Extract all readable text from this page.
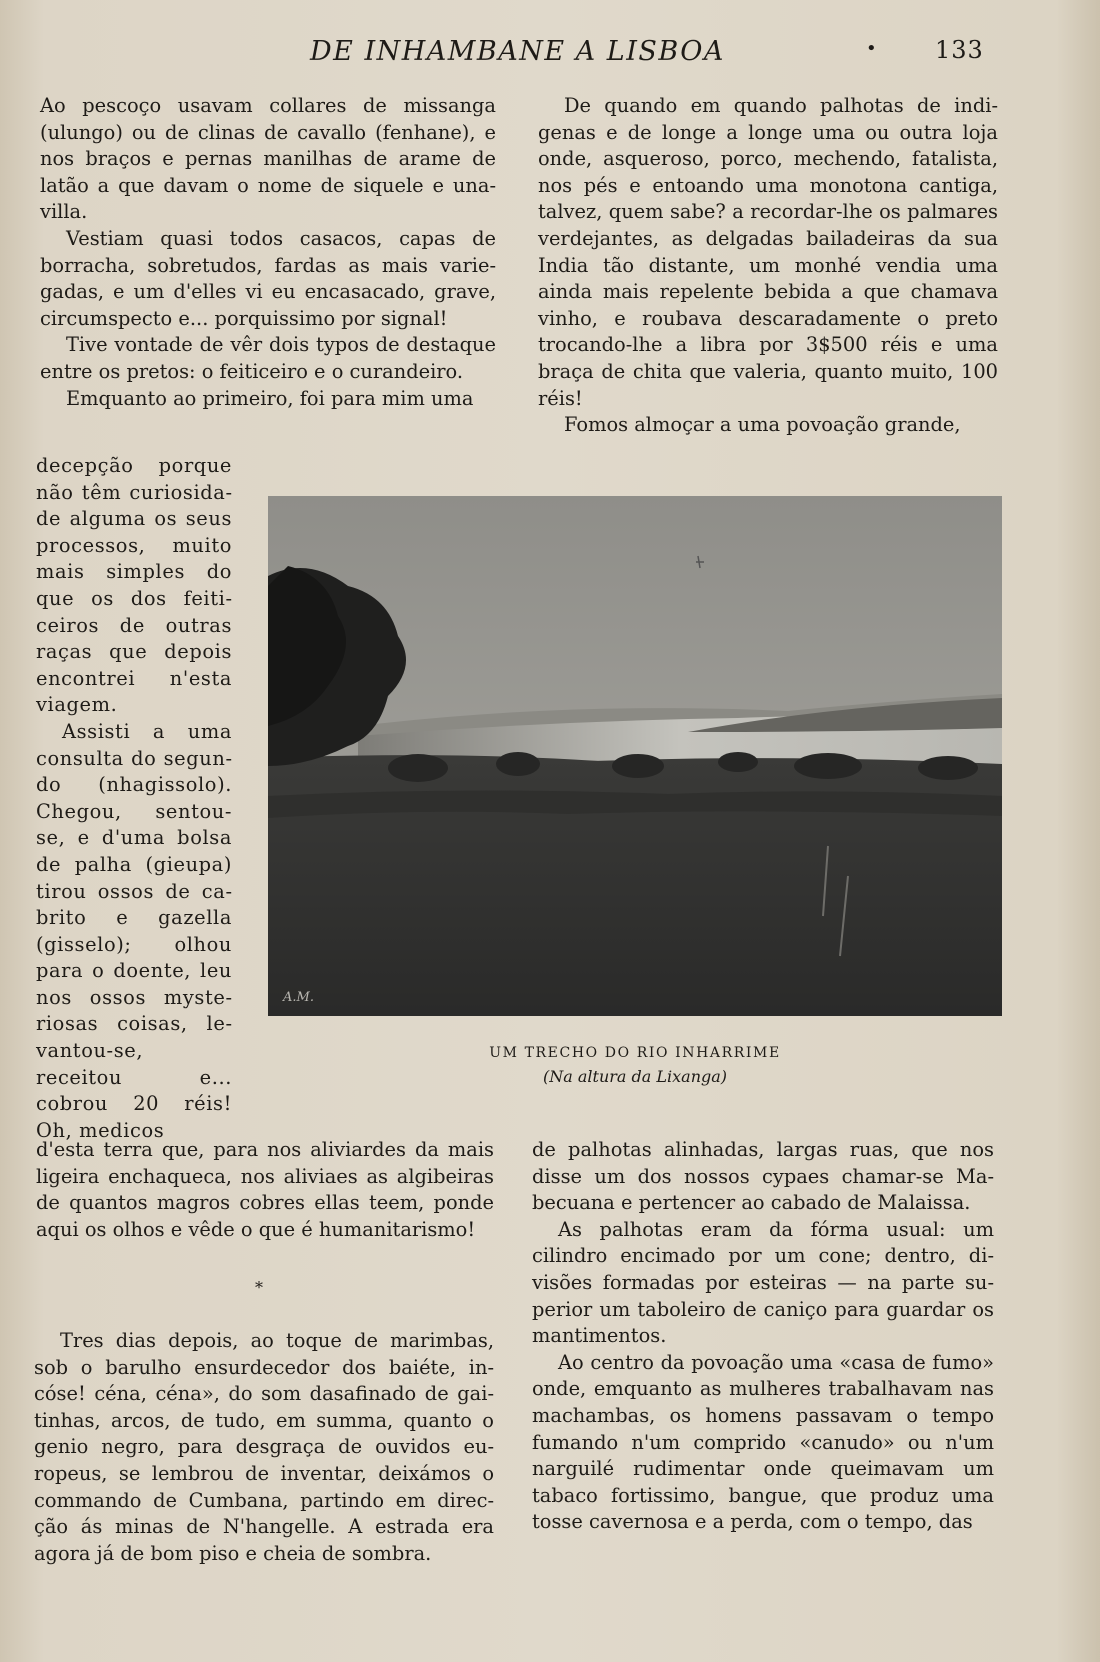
DE INHAMBANE A LISBOA	• 133

Ao pescoço usavam collares de missanga (ulungo) ou de clinas de cavallo (fenhane), e nos braços e pernas manilhas de arame de latão a que davam o nome de siquele e unavilla.

Vestiam quasi todos casacos, capas de borracha, sobretudos, fardas as mais variegadas, e um d'elles vi eu encasacado, grave, circumspecto e... porquissimo por signal!

Tive vontade de vêr dois typos de destaque entre os pretos: o feiticeiro e o curandeiro.

Emquanto ao primeiro, foi para mim uma

decepção porque não têm curiosidade alguma os seus processos, muito mais simples do que os dos feiticeiros de outras raças que depois encontrei n'esta viagem.

Assisti a uma consulta do segundo (nhagissolo). Chegou, sentou-se, e d'uma bolsa de palha (gieupa) tirou ossos de cabrito e gazella (gisselo); olhou para o doente, leu nos ossos mysteriosas coisas, levantou-se, receitou e... cobrou 20 réis! Oh, medicos

d'esta terra que, para nos aliviardes da mais ligeira enchaqueca, nos aliviaes as algibeiras de quantos magros cobres ellas teem, ponde aqui os olhos e vêde o que é humanitarismo!

*

Tres dias depois, ao toque de marimbas, sob o barulho ensurdecedor dos baiéte, incóse! céna, céna», do som dasafinado de gaitinhas, arcos, de tudo, em summa, quanto o genio negro, para desgraça de ouvidos europeus, se lembrou de inventar, deixámos o commando de Cumbana, partindo em direcção ás minas de N'hangelle. A estrada era agora já de bom piso e cheia de sombra.

De quando em quando palhotas de indigenas e de longe a longe uma ou outra loja onde, asqueroso, porco, mechendo, fatalista, nos pés e entoando uma monotona cantiga, talvez, quem sabe? a recordar-lhe os palmares verdejantes, as delgadas bailadeiras da sua India tão distante, um monhé vendia uma ainda mais repelente bebida a que chamava vinho, e roubava descaradamente o preto trocando-lhe a libra por 3$500 réis e uma braça de chita que valeria, quanto muito, 100 réis!

Fomos almoçar a uma povoação grande,

A.M.
UM TRECHO DO RIO INHARRIME
(Na altura da Lixanga)

de palhotas alinhadas, largas ruas, que nos disse um dos nossos cypaes chamar-se Mabecuana e pertencer ao cabado de Malaissa.

As palhotas eram da fórma usual: um cilindro encimado por um cone; dentro, divisões formadas por esteiras — na parte superior um taboleiro de caniço para guardar os mantimentos.

Ao centro da povoação uma «casa de fumo» onde, emquanto as mulheres trabalhavam nas machambas, os homens passavam o tempo fumando n'um comprido «canudo» ou n'um narguilé rudimentar onde queimavam um tabaco fortissimo, bangue, que produz uma tosse cavernosa e a perda, com o tempo, das
